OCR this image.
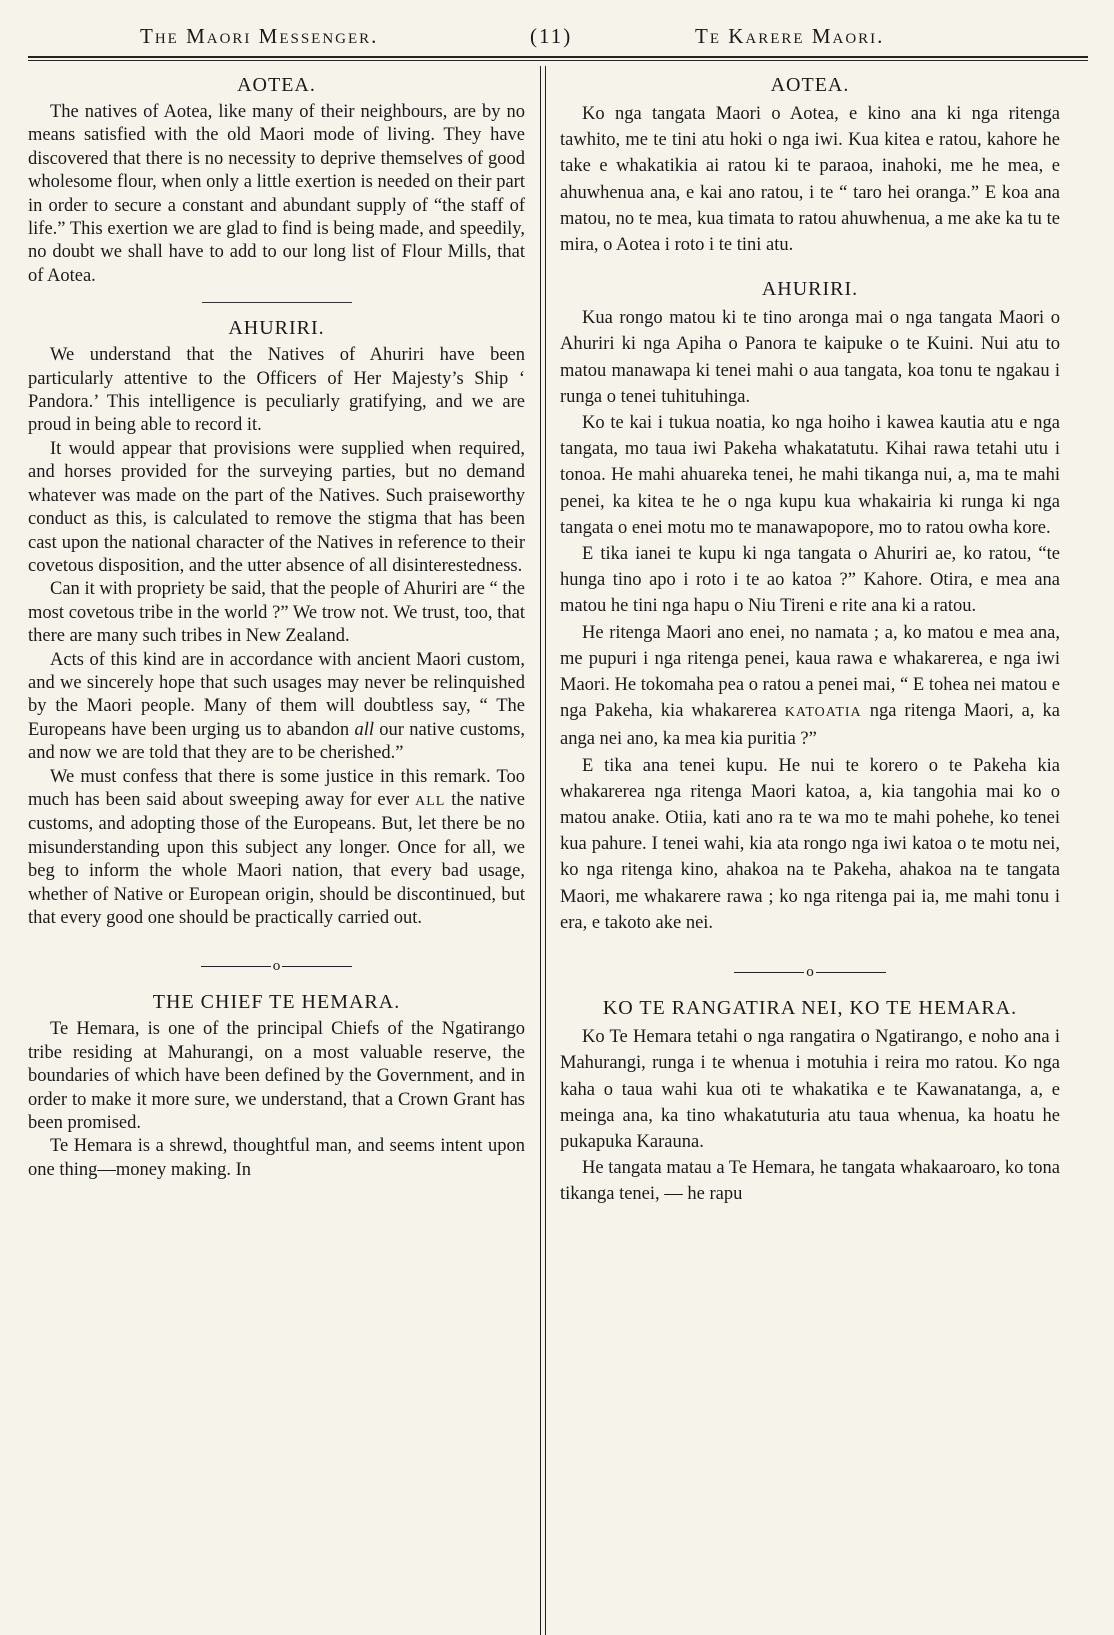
The Maori Messenger.	(11)	Te Karere Maori.
AOTEA.

The natives of Aotea, like many of their neighbours, are by no means satisfied with the old Maori mode of living. They have discovered that there is no necessity to deprive themselves of good wholesome flour, when only a little exertion is needed on their part in order to secure a constant and abundant supply of “the staff of life.” This exertion we are glad to find is being made, and speedily, no doubt we shall have to add to our long list of Flour Mills, that of Aotea.

AHURIRI.

We understand that the Natives of Ahuriri have been particularly attentive to the Officers of Her Majesty’s Ship ‘ Pandora.’ This intelligence is peculiarly gratifying, and we are proud in being able to record it.

It would appear that provisions were supplied when required, and horses provided for the surveying parties, but no demand whatever was made on the part of the Natives. Such praiseworthy conduct as this, is calculated to remove the stigma that has been cast upon the national character of the Natives in reference to their covetous disposition, and the utter absence of all disinterestedness.

Can it with propriety be said, that the people of Ahuriri are “ the most covetous tribe in the world ?” We trow not. We trust, too, that there are many such tribes in New Zealand.

Acts of this kind are in accordance with ancient Maori custom, and we sincerely hope that such usages may never be relinquished by the Maori people. Many of them will doubtless say, “ The Europeans have been urging us to abandon all our native customs, and now we are told that they are to be cherished.”

We must confess that there is some justice in this remark. Too much has been said about sweeping away for ever ALL the native customs, and adopting those of the Europeans. But, let there be no misunderstanding upon this subject any longer. Once for all, we beg to inform the whole Maori nation, that every bad usage, whether of Native or European origin, should be discontinued, but that every good one should be practically carried out.

o
THE CHIEF TE HEMARA.

Te Hemara, is one of the principal Chiefs of the Ngatirango tribe residing at Mahurangi, on a most valuable reserve, the boundaries of which have been defined by the Government, and in order to make it more sure, we understand, that a Crown Grant has been promised.

Te Hemara is a shrewd, thoughtful man, and seems intent upon one thing—money making. In

AOTEA.

Ko nga tangata Maori o Aotea, e kino ana ki nga ritenga tawhito, me te tini atu hoki o nga iwi. Kua kitea e ratou, kahore he take e whakatikia ai ratou ki te paraoa, inahoki, me he mea, e ahuwhenua ana, e kai ano ratou, i te “ taro hei oranga.” E koa ana matou, no te mea, kua timata to ratou ahuwhenua, a me ake ka tu te mira, o Aotea i roto i te tini atu.

AHURIRI.

Kua rongo matou ki te tino aronga mai o nga tangata Maori o Ahuriri ki nga Apiha o Panora te kaipuke o te Kuini. Nui atu to matou manawapa ki tenei mahi o aua tangata, koa tonu te ngakau i runga o tenei tuhituhinga.

Ko te kai i tukua noatia, ko nga hoiho i kawea kautia atu e nga tangata, mo taua iwi Pakeha whakatatutu. Kihai rawa tetahi utu i tonoa. He mahi ahuareka tenei, he mahi tikanga nui, a, ma te mahi penei, ka kitea te he o nga kupu kua whakairia ki runga ki nga tangata o enei motu mo te manawapopore, mo to ratou owha kore.

E tika ianei te kupu ki nga tangata o Ahuriri ae, ko ratou, “te hunga tino apo i roto i te ao katoa ?” Kahore. Otira, e mea ana matou he tini nga hapu o Niu Tireni e rite ana ki a ratou.

He ritenga Maori ano enei, no namata ; a, ko matou e mea ana, me pupuri i nga ritenga penei, kaua rawa e whakarerea, e nga iwi Maori. He tokomaha pea o ratou a penei mai, “ E tohea nei matou e nga Pakeha, kia whakarerea KATOATIA nga ritenga Maori, a, ka anga nei ano, ka mea kia puritia ?”

E tika ana tenei kupu. He nui te korero o te Pakeha kia whakarerea nga ritenga Maori katoa, a, kia tangohia mai ko o matou anake. Otiia, kati ano ra te wa mo te mahi pohehe, ko tenei kua pahure. I tenei wahi, kia ata rongo nga iwi katoa o te motu nei, ko nga ritenga kino, ahakoa na te Pakeha, ahakoa na te tangata Maori, me whakarere rawa ; ko nga ritenga pai ia, me mahi tonu i era, e takoto ake nei.

o
KO TE RANGATIRA NEI, KO TE HEMARA.

Ko Te Hemara tetahi o nga rangatira o Ngatirango, e noho ana i Mahurangi, runga i te whenua i motuhia i reira mo ratou. Ko nga kaha o taua wahi kua oti te whakatika e te Kawanatanga, a, e meinga ana, ka tino whakatuturia atu taua whenua, ka hoatu he pukapuka Karauna.

He tangata matau a Te Hemara, he tangata whakaaroaro, ko tona tikanga tenei, — he rapu
